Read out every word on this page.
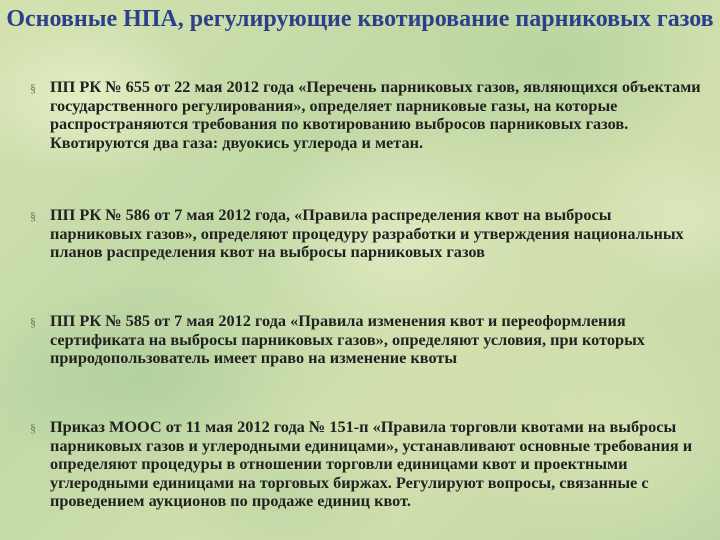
Основные НПА, регулирующие квотирование парниковых газов
§ ПП РК № 655 от 22 мая 2012 года «Перечень парниковых газов, являющихся объектами государственного регулирования», определяет парниковые газы, на которые распространяются требования по квотированию выбросов парниковых газов. Квотируются два газа: двуокись углерода и метан.
§ ПП РК № 586 от 7 мая 2012 года, «Правила распределения квот на выбросы парниковых газов», определяют процедуру разработки и утверждения национальных планов распределения квот на выбросы парниковых газов
§ ПП РК № 585 от 7 мая 2012 года «Правила изменения квот и переоформления сертификата на выбросы парниковых газов», определяют условия, при которых природопользователь имеет право на изменение квоты
§ Приказ МООС от 11 мая 2012 года № 151-п «Правила торговли квотами на выбросы парниковых газов и углеродными единицами», устанавливают основные требования и определяют процедуры в отношении торговли единицами квот и проектными углеродными единицами на торговых биржах. Регулируют вопросы, связанные с проведением аукционов по продаже единиц квот.
